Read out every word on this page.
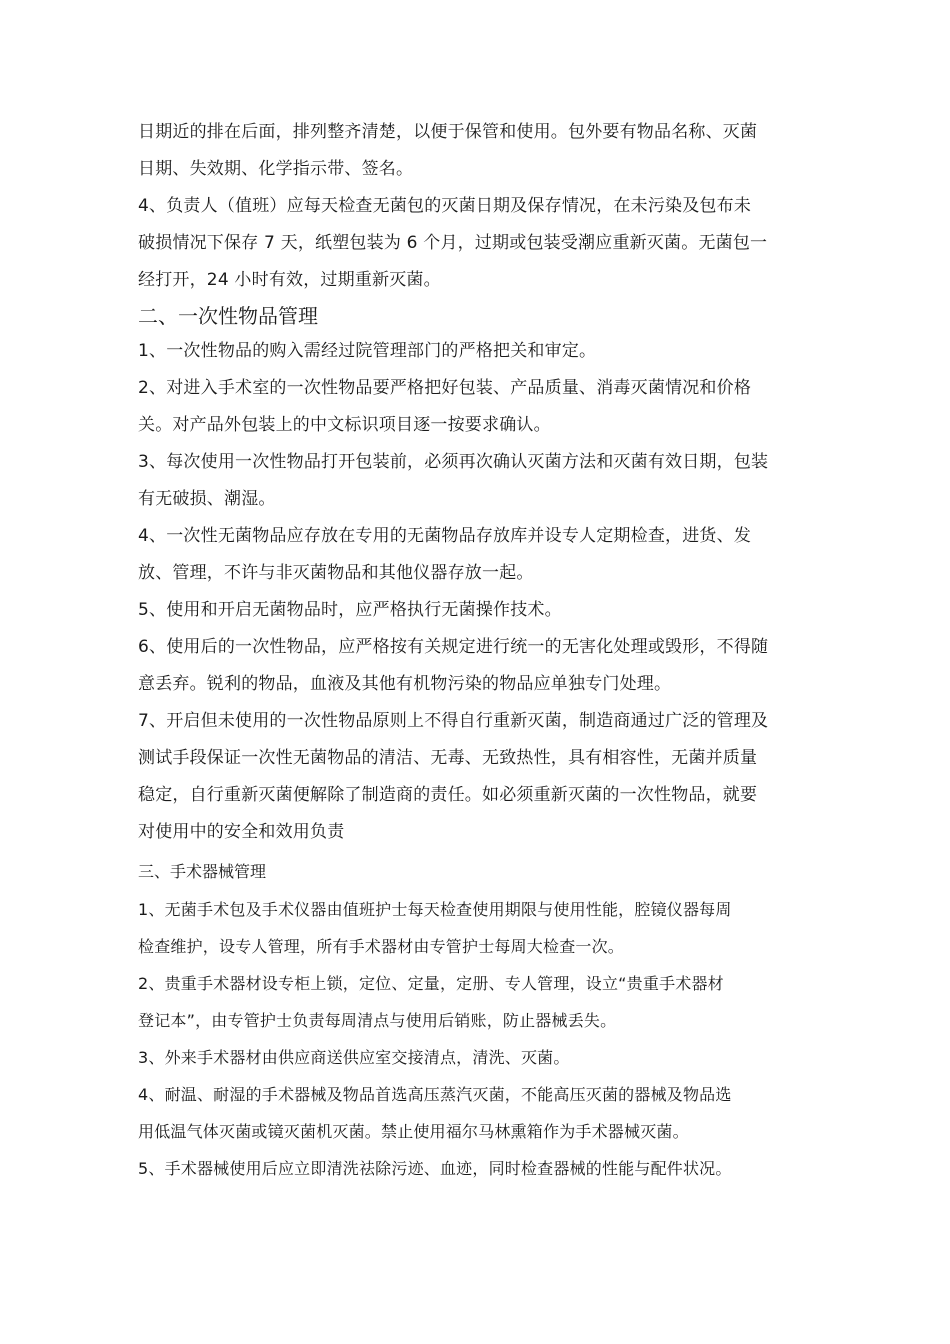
日期近的排在后面，排列整齐清楚，以便于保管和使用。包外要有物品名称、灭菌
日期、失效期、化学指示带、签名。
4、负责人（值班）应每天检查无菌包的灭菌日期及保存情况，在未污染及包布未
破损情况下保存 7 天，纸塑包装为 6 个月，过期或包装受潮应重新灭菌。无菌包一
经打开，24 小时有效，过期重新灭菌。
二、一次性物品管理
1、一次性物品的购入需经过院管理部门的严格把关和审定。
2、对进入手术室的一次性物品要严格把好包装、产品质量、消毒灭菌情况和价格
关。对产品外包装上的中文标识项目逐一按要求确认。
3、每次使用一次性物品打开包装前，必须再次确认灭菌方法和灭菌有效日期，包装
有无破损、潮湿。
4、一次性无菌物品应存放在专用的无菌物品存放库并设专人定期检查，进货、发
放、管理，不许与非灭菌物品和其他仪器存放一起。
5、使用和开启无菌物品时，应严格执行无菌操作技术。
6、使用后的一次性物品，应严格按有关规定进行统一的无害化处理或毁形，不得随
意丢弃。锐利的物品，血液及其他有机物污染的物品应单独专门处理。
7、开启但未使用的一次性物品原则上不得自行重新灭菌，制造商通过广泛的管理及
测试手段保证一次性无菌物品的清洁、无毒、无致热性，具有相容性，无菌并质量
稳定，自行重新灭菌便解除了制造商的责任。如必须重新灭菌的一次性物品，就要
对使用中的安全和效用负责
三、手术器械管理
1、无菌手术包及手术仪器由值班护士每天检查使用期限与使用性能，腔镜仪器每周
检查维护，设专人管理，所有手术器材由专管护士每周大检查一次。
2、贵重手术器材设专柜上锁，定位、定量，定册、专人管理，设立“贵重手术器材
登记本”，由专管护士负责每周清点与使用后销账，防止器械丢失。
3、外来手术器材由供应商送供应室交接清点，清洗、灭菌。
4、耐温、耐湿的手术器械及物品首选高压蒸汽灭菌，不能高压灭菌的器械及物品选
用低温气体灭菌或镜灭菌机灭菌。禁止使用福尔马林熏箱作为手术器械灭菌。
5、手术器械使用后应立即清洗祛除污迹、血迹，同时检查器械的性能与配件状况。
